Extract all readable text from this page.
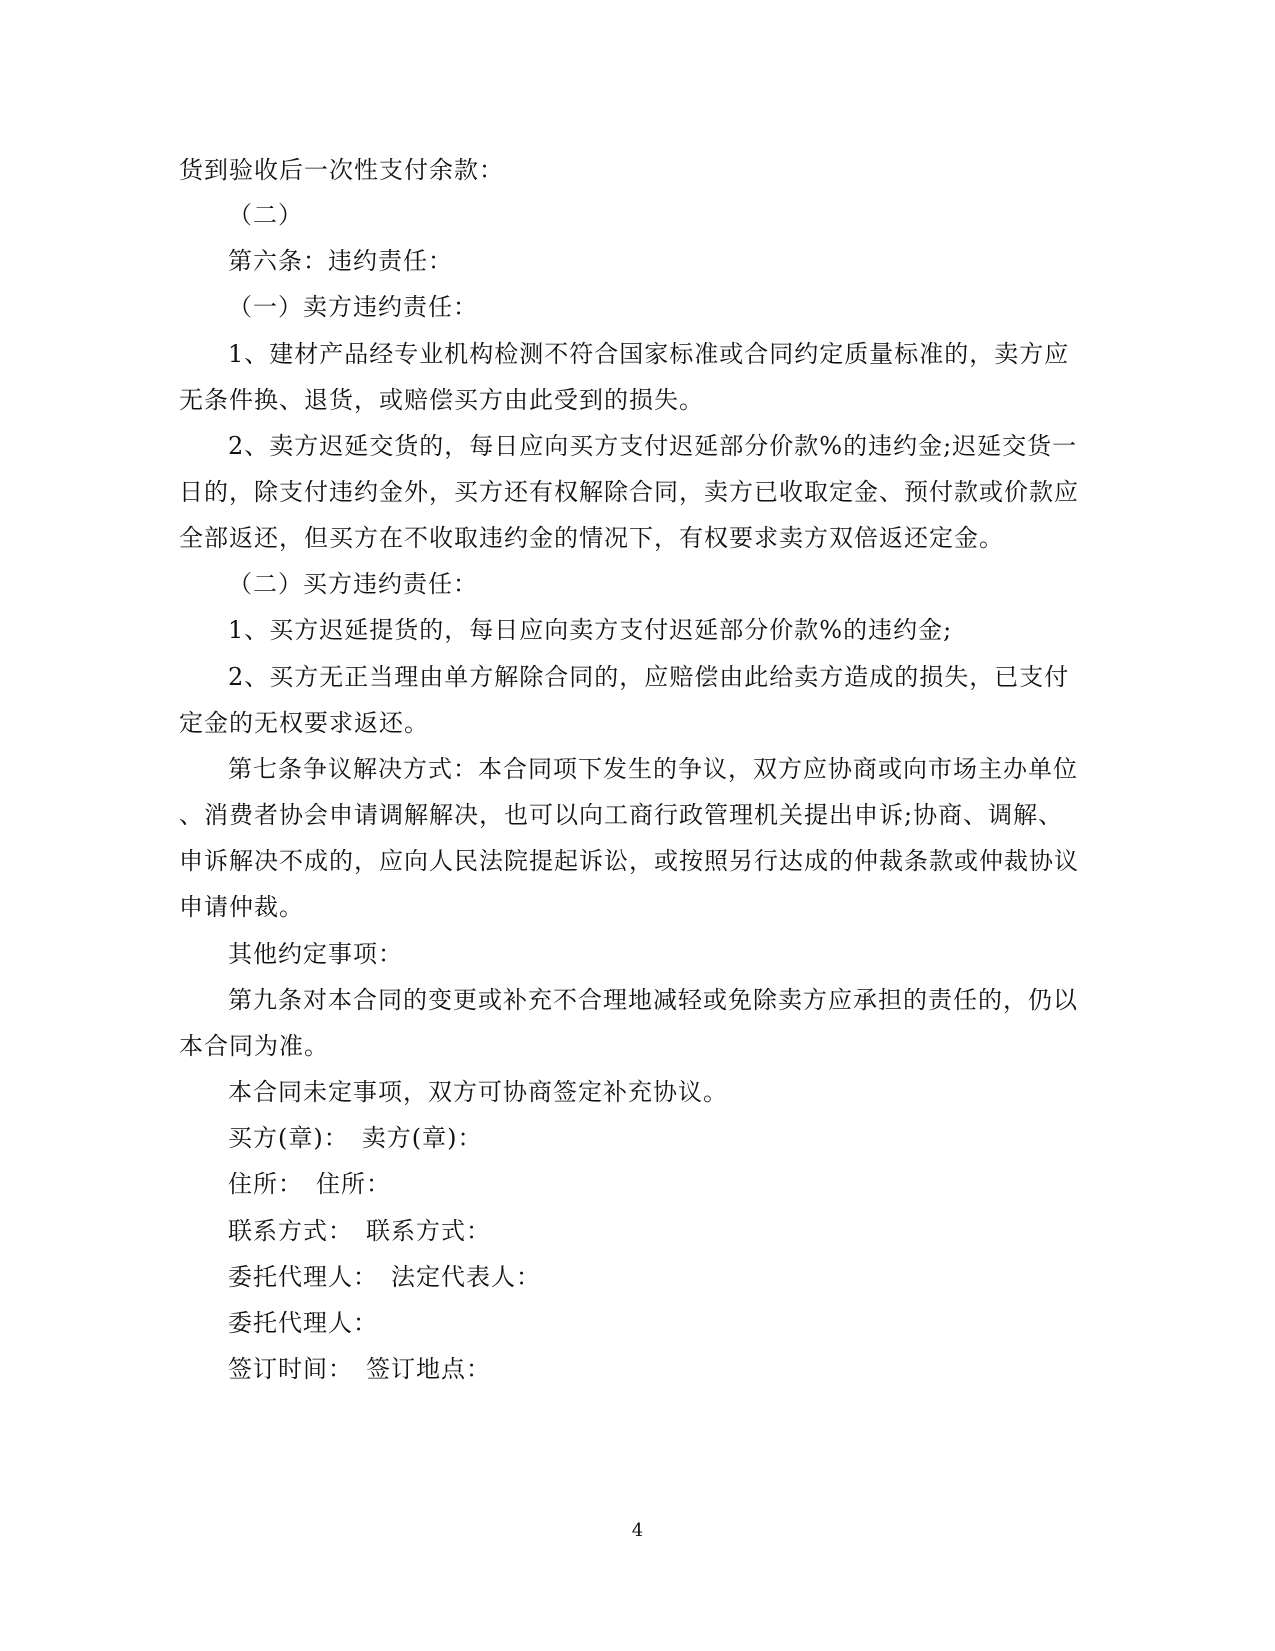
货到验收后一次性支付余款：
（二）
第六条：违约责任：
（一）卖方违约责任：
1、建材产品经专业机构检测不符合国家标准或合同约定质量标准的，卖方应
无条件换、退货，或赔偿买方由此受到的损失。
2、卖方迟延交货的，每日应向买方支付迟延部分价款%的违约金;迟延交货一
日的，除支付违约金外，买方还有权解除合同，卖方已收取定金、预付款或价款应
全部返还，但买方在不收取违约金的情况下，有权要求卖方双倍返还定金。
（二）买方违约责任：
1、买方迟延提货的，每日应向卖方支付迟延部分价款%的违约金;
2、买方无正当理由单方解除合同的，应赔偿由此给卖方造成的损失，已支付
定金的无权要求返还。
第七条争议解决方式：本合同项下发生的争议，双方应协商或向市场主办单位
、消费者协会申请调解解决，也可以向工商行政管理机关提出申诉;协商、调解、
申诉解决不成的，应向人民法院提起诉讼，或按照另行达成的仲裁条款或仲裁协议
申请仲裁。
其他约定事项：
第九条对本合同的变更或补充不合理地减轻或免除卖方应承担的责任的，仍以
本合同为准。
本合同未定事项，双方可协商签定补充协议。
买方(章)：　卖方(章)：
住所：　住所：
联系方式：　联系方式：
委托代理人：　法定代表人：
委托代理人：
签订时间：　签订地点：
4
